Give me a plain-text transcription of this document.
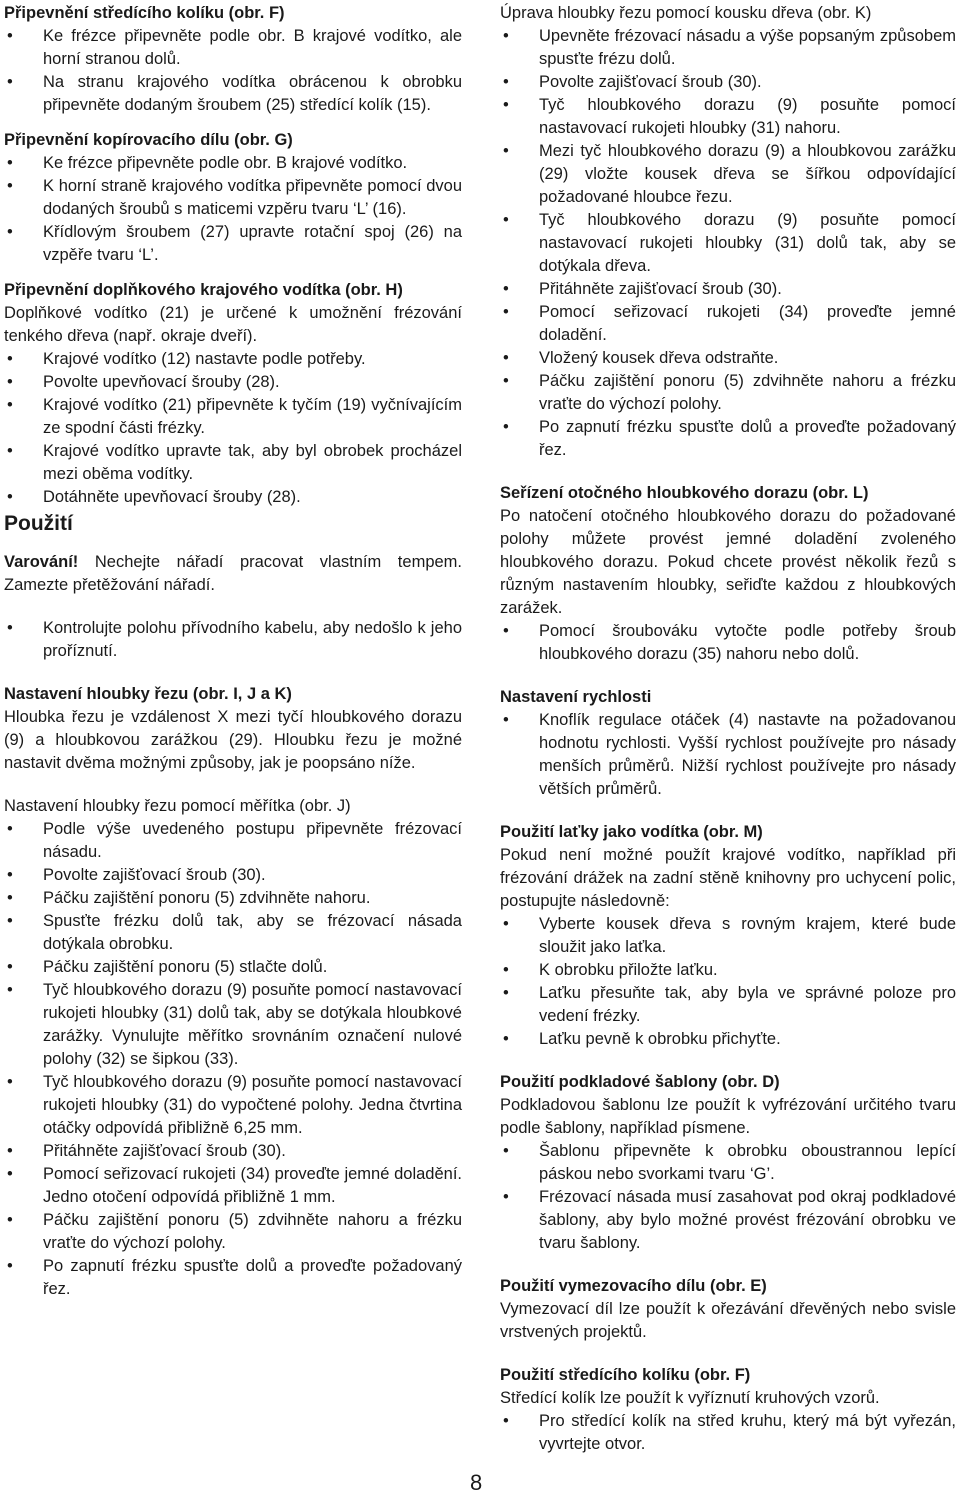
Připevnění středícího kolíku (obr. F)

• Ke frézce připevněte podle obr. B krajové vodítko, ale horní stranou dolů.
• Na stranu krajového vodítka obrácenou k obrobku připevněte dodaným šroubem (25) středící kolík (15).

Připevnění kopírovacího dílu (obr. G)

• Ke frézce připevněte podle obr. B krajové vodítko.
• K horní straně krajového vodítka připevněte pomocí dvou dodaných šroubů s maticemi vzpěru tvaru ‘L’ (16).
• Křídlovým šroubem (27) upravte rotační spoj (26) na vzpěře tvaru ‘L’.

Připevnění doplňkového krajového vodítka (obr. H)

Doplňkové vodítko (21) je určené k umožnění frézování tenkého dřeva (např. okraje dveří).

• Krajové vodítko (12) nastavte podle potřeby.
• Povolte upevňovací šrouby (28).
• Krajové vodítko (21) připevněte k tyčím (19) vyčnívajícím ze spodní části frézky.
• Krajové vodítko upravte tak, aby byl obrobek procházel mezi oběma vodítky.
• Dotáhněte upevňovací šrouby (28).

Použití

Varování! Nechejte nářadí pracovat vlastním tempem. Zamezte přetěžování nářadí.

• Kontrolujte polohu přívodního kabelu, aby nedošlo k jeho proříznutí.

Nastavení hloubky řezu (obr. I, J a K)

Hloubka řezu je vzdálenost X mezi tyčí hloubkového dorazu (9) a hloubkovou zarážkou (29). Hloubku řezu je možné nastavit dvěma možnými způsoby, jak je poopsáno níže.

Nastavení hloubky řezu pomocí měřítka (obr. J)

• Podle výše uvedeného postupu připevněte frézovací násadu.
• Povolte zajišťovací šroub (30).
• Páčku zajištění ponoru (5) zdvihněte nahoru.
• Spusťte frézku dolů tak, aby se frézovací násada dotýkala obrobku.
• Páčku zajištění ponoru (5) stlačte dolů.
• Tyč hloubkového dorazu (9) posuňte pomocí nastavovací rukojeti hloubky (31) dolů tak, aby se dotýkala hloubkové zarážky. Vynulujte měřítko srovnáním označení nulové polohy (32) se šipkou (33).
• Tyč hloubkového dorazu (9) posuňte pomocí nastavovací rukojeti hloubky (31) do vypočtené polohy. Jedna čtvrtina otáčky odpovídá přibližně 6,25 mm.
• Přitáhněte zajišťovací šroub (30).
• Pomocí seřizovací rukojeti (34) proveďte jemné doladění. Jedno otočení odpovídá přibližně 1 mm.
• Páčku zajištění ponoru (5) zdvihněte nahoru a frézku vraťte do výchozí polohy.
• Po zapnutí frézku spusťte dolů a proveďte požadovaný řez.

Úprava hloubky řezu pomocí kousku dřeva (obr. K)

• Upevněte frézovací násadu a výše popsaným způsobem spusťte frézu dolů.
• Povolte zajišťovací šroub (30).
• Tyč hloubkového dorazu (9) posuňte pomocí nastavovací rukojeti hloubky (31) nahoru.
• Mezi tyč hloubkového dorazu (9) a hloubkovou zarážku (29) vložte kousek dřeva se šířkou odpovídající požadované hloubce řezu.
• Tyč hloubkového dorazu (9) posuňte pomocí nastavovací rukojeti hloubky (31) dolů tak, aby se dotýkala dřeva.
• Přitáhněte zajišťovací šroub (30).
• Pomocí seřizovací rukojeti (34) proveďte jemné doladění.
• Vložený kousek dřeva odstraňte.
• Páčku zajištění ponoru (5) zdvihněte nahoru a frézku vraťte do výchozí polohy.
• Po zapnutí frézku spusťte dolů a proveďte požadovaný řez.

Seřízení otočného hloubkového dorazu (obr. L)

Po natočení otočného hloubkového dorazu do požadované polohy můžete provést jemné doladění zvoleného hloubkového dorazu. Pokud chcete provést několik řezů s různým nastavením hloubky, seřiďte každou z hloubkových zarážek.

• Pomocí šroubováku vytočte podle potřeby šroub hloubkového dorazu (35) nahoru nebo dolů.

Nastavení rychlosti

• Knoflík regulace otáček (4) nastavte na požadovanou hodnotu rychlosti. Vyšší rychlost používejte pro násady menších průměrů. Nižší rychlost používejte pro násady větších průměrů.

Použití laťky jako vodítka (obr. M)

Pokud není možné použít krajové vodítko, například při frézování drážek na zadní stěně knihovny pro uchycení polic, postupujte následovně:

• Vyberte kousek dřeva s rovným krajem, které bude sloužit jako laťka.
• K obrobku přiložte laťku.
• Laťku přesuňte tak, aby byla ve správné poloze pro vedení frézky.
• Laťku pevně k obrobku přichyťte.

Použití podkladové šablony (obr. D)

Podkladovou šablonu lze použít k vyfrézování určitého tvaru podle šablony, například písmene.

• Šablonu připevněte k obrobku oboustrannou lepící páskou nebo svorkami tvaru ‘G’.
• Frézovací násada musí zasahovat pod okraj podkladové šablony, aby bylo možné provést frézování obrobku ve tvaru šablony.

Použití vymezovacího dílu (obr. E)

Vymezovací díl lze použít k ořezávání dřevěných nebo svisle vrstvených projektů.

Použití středícího kolíku (obr. F)

Středící kolík lze použít k vyříznutí kruhových vzorů.

• Pro středící kolík na střed kruhu, který má být vyřezán, vyvrtejte otvor.
8
